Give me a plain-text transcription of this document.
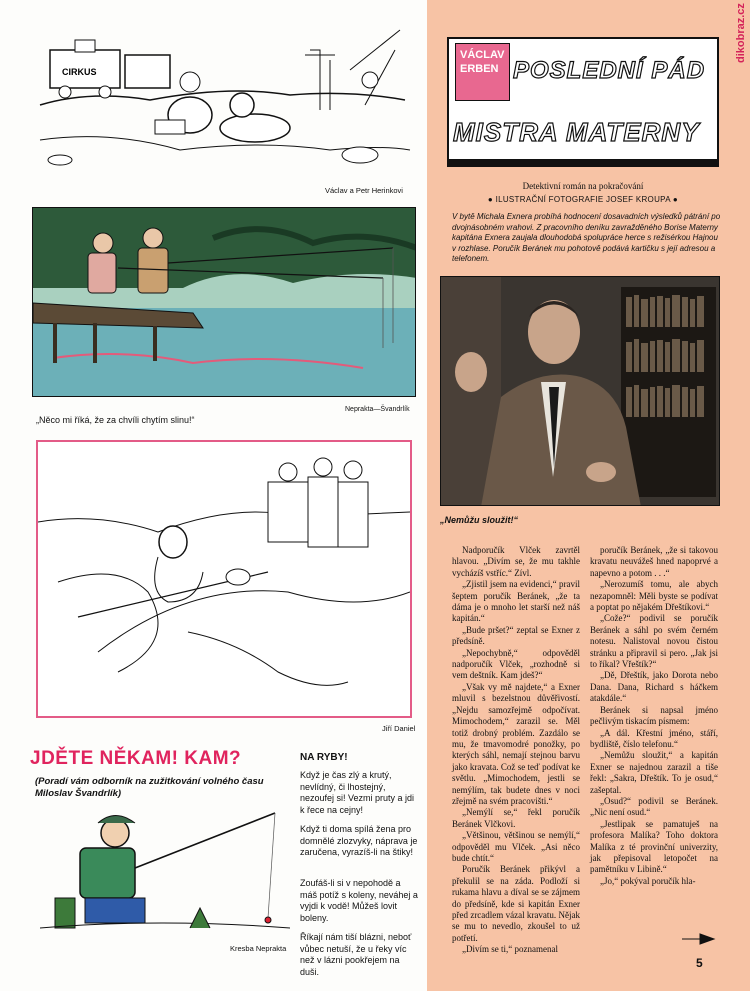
CIRKUS
Václav a Petr Herinkovi
Neprakta—Švandrlík
„Něco mi říká, že za chvíli chytím slinu!“
Jiří Daniel
JDĚTE NĚKAM! KAM?
(Poradí vám odborník na zužitkování volného času Miloslav Švandrlík)
Kresba Neprakta
NA RYBY!
Když je čas zlý a krutý, nevlídný, či lhostejný, nezoufej si! Vezmi pruty a jdi k řece na cejny!
Když ti doma spílá žena pro domnělé zlozvyky, náprava je zaručena, vyrazíš-li na štiky!
Zoufáš-li si v nepohodě a máš potíž s koleny, neváhej a vyjdi k vodě! Můžeš lovit boleny.
Říkají nám tiší blázni, neboť vůbec netuší, že u řeky víc než v lázni pookřejem na duši.
dikobraz.cz
VÁCLAV
ERBEN POSLEDNÍ PÁD
MISTRA MATERNY
Detektivní román na pokračování
● ILUSTRAČNÍ FOTOGRAFIE JOSEF KROUPA ●
V bytě Michala Exnera probíhá hodnocení dosavadních výsledků pátrání po dvojnásobném vrahovi. Z pracovního deníku zavražděného Borise Materny kapitána Exnera zaujala dlouhodobá spolupráce herce s režisérkou Hajnou v rozhlase. Poručík Beránek mu pohotově podává kartičku s její adresou a telefonem.
„Nemůžu sloužit!“

Nadporučík Vlček zavrtěl hlavou. „Divím se, že mu takhle vycházíš vstříc.“ Zívl.

„Zjistil jsem na evidenci,“ pravil šeptem poručík Beránek, „že ta dáma je o mnoho let starší než náš kapitán.“

„Bude pršet?“ zeptal se Exner z předsíně.

„Nepochybně,“ odpověděl nadporučík Vlček, „rozhodně si vem deštník. Kam jdeš?“

„Však vy mě najdete,“ a Exner mluvil s bezelstnou důvěřivostí. „Nejdu samozřejmě odpočívat. Mimochodem,“ zarazil se. Měl totiž drobný problém. Zazdálo se mu, že tmavomodré ponožky, po kterých sáhl, nemají stejnou barvu jako kravata. Což se teď podívat ke světlu. „Mimochodem, jestli se nemýlím, tak budete dnes v noci zřejmě na svém pracovišti.“

„Nemýlí se,“ řekl poručík Beránek Vlčkovi.

„Většinou, většinou se nemýlí,“ odpověděl mu Vlček. „Asi něco bude chtít.“

Poručík Beránek přikývl a překulil se na záda. Podloží si rukama hlavu a díval se se zájmem do předsíně, kde si kapitán Exner před zrcadlem vázal kravatu. Nějak se mu to nevedlo, zkoušel to už potřetí.

„Divím se ti,“ poznamenal

poručík Beránek, „že si takovou kravatu neuvážeš hned napoprvé a napevno a potom . . .“

„Nerozumíš tomu, ale abych nezapomněl: Měli byste se podívat a poptat po nějakém Dřeštíkovi.“

„Cože?“ podivil se poručík Beránek a sáhl po svém černém notesu. Nalistoval novou čistou stránku a připravil si pero. „Jak jsi to říkal? Vřeštík?“

„Dě, Dřeštík, jako Dorota nebo Dana. Dana, Richard s háčkem atakdále.“

Beránek si napsal jméno pečlivým tiskacím písmem:

„A dál. Křestní jméno, stáří, bydliště, číslo telefonu.“

„Nemůžu sloužit,“ a kapitán Exner se najednou zarazil a tiše řekl: „Sakra, Dřeštík. To je osud,“ zašeptal.

„Osud?“ podivil se Beránek. „Nic není osud.“

„Jestlipak se pamatuješ na profesora Malíka? Toho doktora Malíka z té provinční univerzity, jak přepisoval letopočet na pamětníku v Libině.“

„Jo,“ pokýval poručík hla-

5
